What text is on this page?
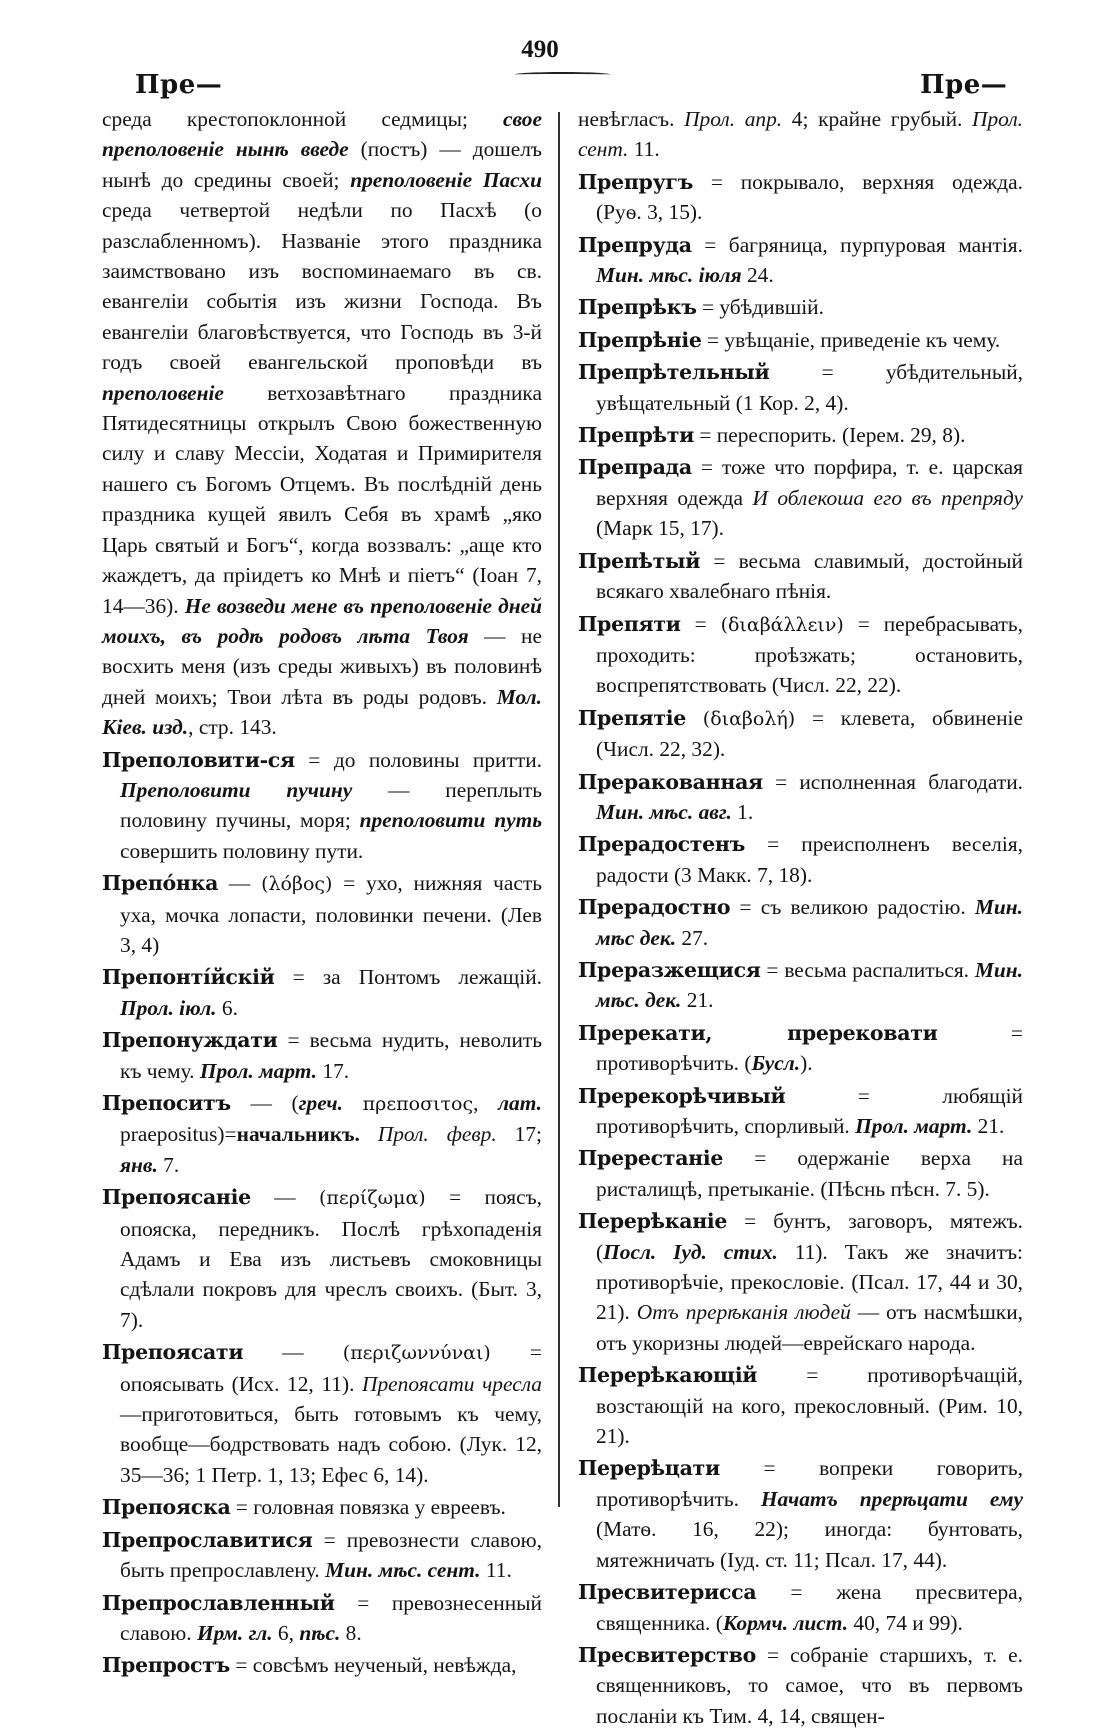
490
Пре—	Пре—

среда крестопоклонной седмицы; свое преполовеніе нынѣ введе (постъ) — дошелъ нынѣ до средины своей; преполовеніе Пасхи среда четвертой недѣли по Пасхѣ (о разслабленномъ). Названіе этого праздника заимствовано изъ воспоминаемаго въ св. евангеліи событія изъ жизни Господа. Въ евангеліи благовѣствуется, что Господь въ 3-й годъ своей евангельской проповѣди въ преполовеніе ветхозавѣтнаго праздника Пятидесятницы открылъ Свою божественную силу и славу Мессіи, Ходатая и Примирителя нашего съ Богомъ Отцемъ. Въ послѣдній день праздника кущей явилъ Себя въ храмѣ „яко Царь святый и Богъ“, когда воззвалъ: „аще кто жаждетъ, да пріидетъ ко Мнѣ и піетъ“ (Іоан 7, 14—36). Не возведи мене въ преполовеніе дней моихъ, въ родѣ родовъ лѣта Твоя — не восхить меня (изъ среды живыхъ) въ половинѣ дней моихъ; Твои лѣта въ роды родовъ. Мол. Кіев. изд., стр. 143.

Преполовити-ся = до половины притти. Преполовити пучину — переплыть половину пучины, моря; преполовити путь совершить половину пути.

Препо́нка — (λόβος) = ухо, нижняя часть уха, мочка лопасти, половинки печени. (Лев 3, 4)

Препонті́йскій = за Понтомъ лежащій. Прол. іюл. 6.

Препонуждати = весьма нудить, неволить къ чему. Прол. март. 17.

Препоситъ — (греч. πρεποσιτος, лат. praepositus)=начальникъ. Прол. февр. 17; янв. 7.

Препоясаніе — (περίζωμα) = поясъ, опояска, передникъ. Послѣ грѣхопаденія Адамъ и Ева изъ листьевъ смоковницы сдѣлали покровъ для чреслъ своихъ. (Быт. 3, 7).

Препоясати — (περιζωννύναι) = опоясывать (Исх. 12, 11). Препоясати чресла—приготовиться, быть готовымъ къ чему, вообще—бодрствовать надъ собою. (Лук. 12, 35—36; 1 Петр. 1, 13; Ефес 6, 14).

Препояска = головная повязка у евреевъ.

Препрославитися = превознести славою, быть препрославлену. Мин. мѣс. сент. 11.

Препрославленный = превознесенный славою. Ирм. гл. 6, пѣс. 8.

Препростъ = совсѣмъ неученый, невѣжда,

невѣгласъ. Прол. апр. 4; крайне грубый. Прол. сент. 11.

Препругъ = покрывало, верхняя одежда. (Руѳ. 3, 15).

Препруда = багряница, пурпуровая мантія. Мин. мѣс. іюля 24.

Препрѣкъ = убѣдившій.

Препрѣніе = увѣщаніе, приведеніе къ чему.

Препрѣтельный = убѣдительный, увѣщательный (1 Кор. 2, 4).

Препрѣти = переспорить. (Іерем. 29, 8).

Препрада = тоже что порфира, т. е. царская верхняя одежда И облекоша его въ препряду (Марк 15, 17).

Препѣтый = весьма славимый, достойный всякаго хвалебнаго пѣнія.

Препяти = (διαβάλλειν) = перебрасывать, проходить: проѣзжать; остановить, воспрепятствовать (Числ. 22, 22).

Препятіе (διαβολή) = клевета, обвиненіе (Числ. 22, 32).

Преракованная = исполненная благодати. Мин. мѣс. авг. 1.

Прерадостенъ = преисполненъ веселія, радости (3 Макк. 7, 18).

Прерадостно = съ великою радостію. Мин. мѣс дек. 27.

Преразжещися = весьма распалиться. Мин. мѣс. дек. 21.

Пререкати, пререковати = противорѣчить. (Бусл.).

Пререкорѣчивый = любящій противорѣчить, спорливый. Прол. март. 21.

Пререстаніе = одержаніе верха на ристалищѣ, претыканіе. (Пѣснь пѣсн. 7. 5).

Перерѣканіе = бунтъ, заговоръ, мятежъ. (Посл. Іуд. стих. 11). Такъ же значитъ: противорѣчіе, прекословіе. (Псал. 17, 44 и 30, 21). Отъ прерѣканія людей — отъ насмѣшки, отъ укоризны людей—еврейскаго народа.

Перерѣкающій = противорѣчащій, возстающій на кого, прекословный. (Рим. 10, 21).

Перерѣцати = вопреки говорить, противорѣчить. Начатъ прерѣцати ему (Матѳ. 16, 22); иногда: бунтовать, мятежничать (Іуд. ст. 11; Псал. 17, 44).

Пресвитерисса = жена пресвитера, священника. (Кормч. лист. 40, 74 и 99).

Пресвитерство = собраніе старшихъ, т. е. священниковъ, то самое, что въ первомъ посланіи къ Тим. 4, 14, священ-
